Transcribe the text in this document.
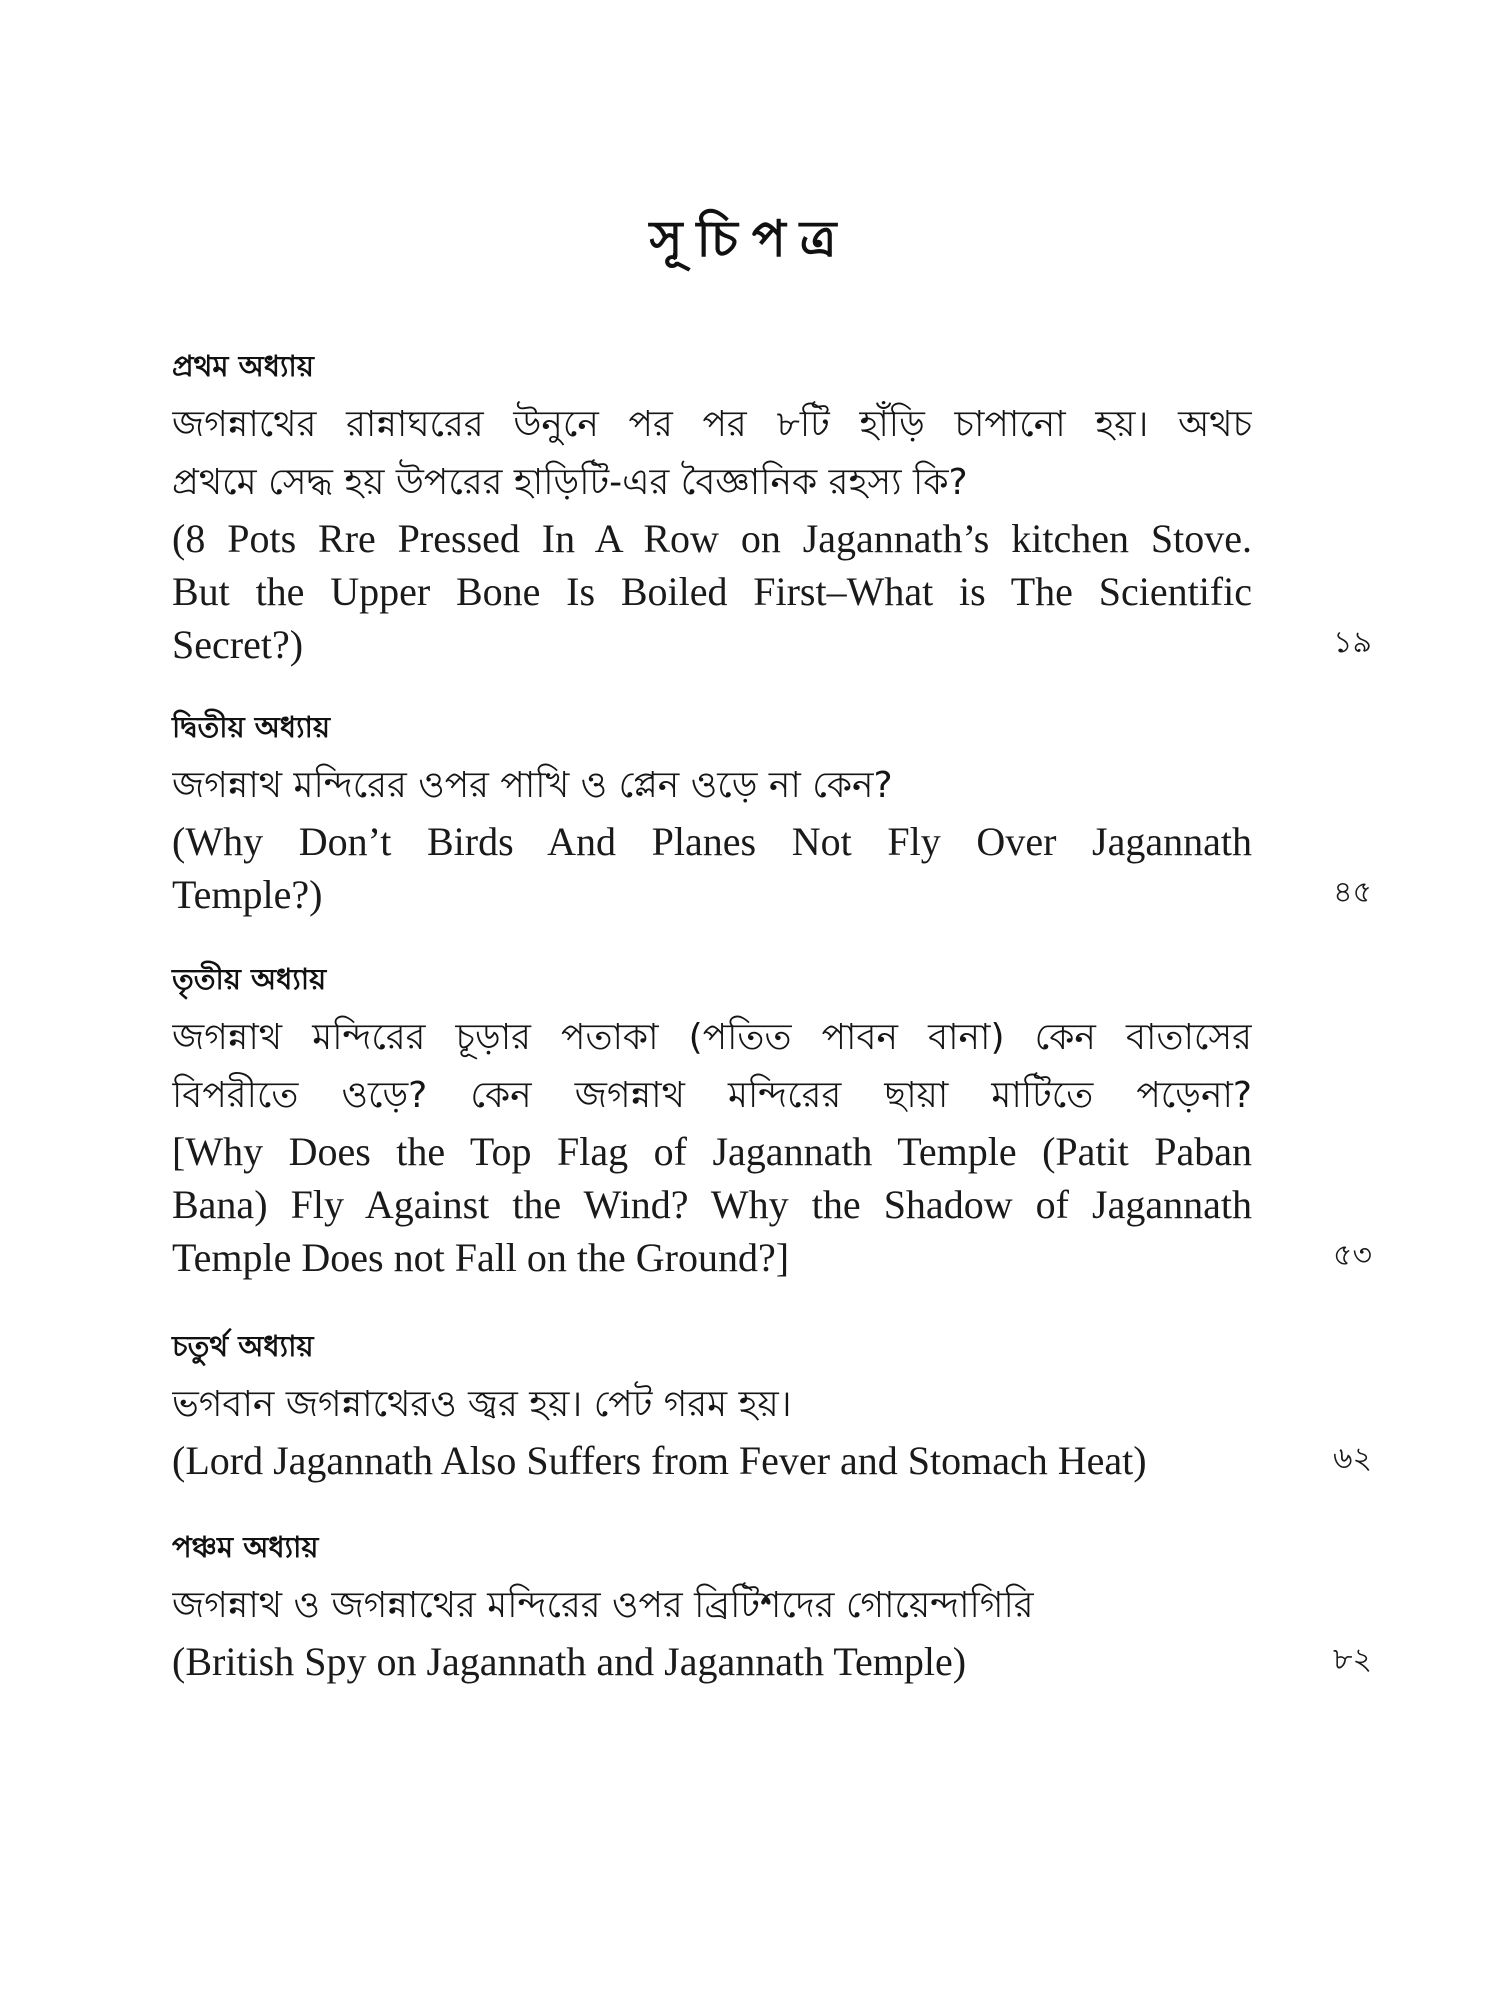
সূচিপত্র
প্রথম অধ্যায়
জগন্নাথের রান্নাঘরের উনুনে পর পর ৮টি হাঁড়ি চাপানো হয়। অথচ
প্রথমে সেদ্ধ হয় উপরের হাড়িটি-এর বৈজ্ঞানিক রহস্য কি?
(8 Pots Rre Pressed In A Row on Jagannath’s kitchen Stove.
But the Upper Bone Is Boiled First–What is The Scientific
Secret?)	১৯
দ্বিতীয় অধ্যায়
জগন্নাথ মন্দিরের ওপর পাখি ও প্লেন ওড়ে না কেন?
(Why Don’t Birds And Planes Not Fly Over Jagannath
Temple?)	৪৫
তৃতীয় অধ্যায়
জগন্নাথ মন্দিরের চূড়ার পতাকা (পতিত পাবন বানা) কেন বাতাসের
বিপরীতে ওড়ে? কেন জগন্নাথ মন্দিরের ছায়া মাটিতে পড়েনা?
[Why Does the Top Flag of Jagannath Temple (Patit Paban
Bana) Fly Against the Wind? Why the Shadow of Jagannath
Temple Does not Fall on the Ground?]	৫৩
চতুর্থ অধ্যায়
ভগবান জগন্নাথেরও জ্বর হয়। পেট গরম হয়।
(Lord Jagannath Also Suffers from Fever and Stomach Heat)	৬২
পঞ্চম অধ্যায়
জগন্নাথ ও জগন্নাথের মন্দিরের ওপর ব্রিটিশদের গোয়েন্দাগিরি
(British Spy on Jagannath and Jagannath Temple)	৮২
